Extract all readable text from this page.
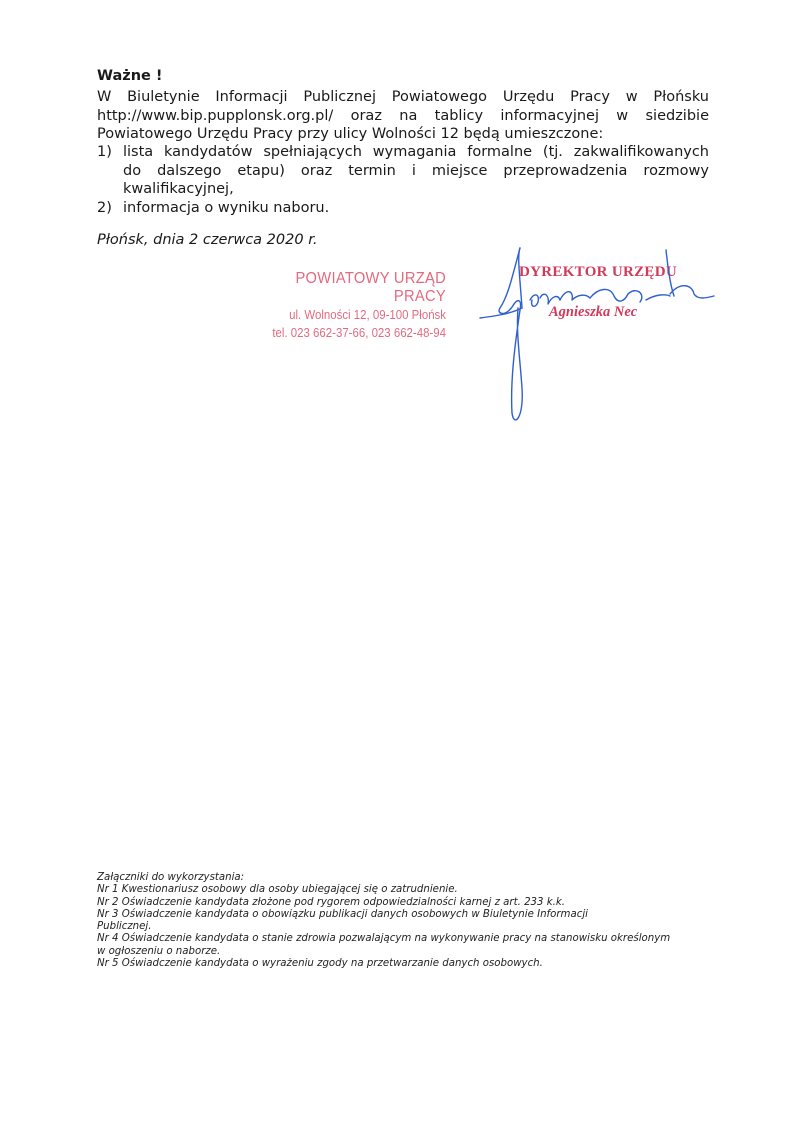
Ważne !
W Biuletynie Informacji Publicznej Powiatowego Urzędu Pracy w Płońsku
http://www.bip.pupplonsk.org.pl/ oraz na tablicy informacyjnej w siedzibie
Powiatowego Urzędu Pracy przy ulicy Wolności 12 będą umieszczone:
1) lista kandydatów spełniających wymagania formalne (tj. zakwalifikowanych
do dalszego etapu) oraz termin i miejsce przeprowadzenia rozmowy
kwalifikacyjnej,
2) informacja o wyniku naboru.
Płońsk, dnia 2 czerwca 2020 r.
POWIATOWY URZĄD PRACY
ul. Wolności 12, 09-100 Płońsk
tel. 023 662-37-66, 023 662-48-94
DYREKTOR URZĘDU
Agnieszka Nec
Załączniki do wykorzystania:
Nr 1 Kwestionariusz osobowy dla osoby ubiegającej się o zatrudnienie.
Nr 2 Oświadczenie kandydata złożone pod rygorem odpowiedzialności karnej z art. 233 k.k.
Nr 3 Oświadczenie kandydata o obowiązku publikacji danych osobowych w Biuletynie Informacji
Publicznej.
Nr 4 Oświadczenie kandydata o stanie zdrowia pozwalającym na wykonywanie pracy na stanowisku określonym
w ogłoszeniu o naborze.
Nr 5 Oświadczenie kandydata o wyrażeniu zgody na przetwarzanie danych osobowych.
